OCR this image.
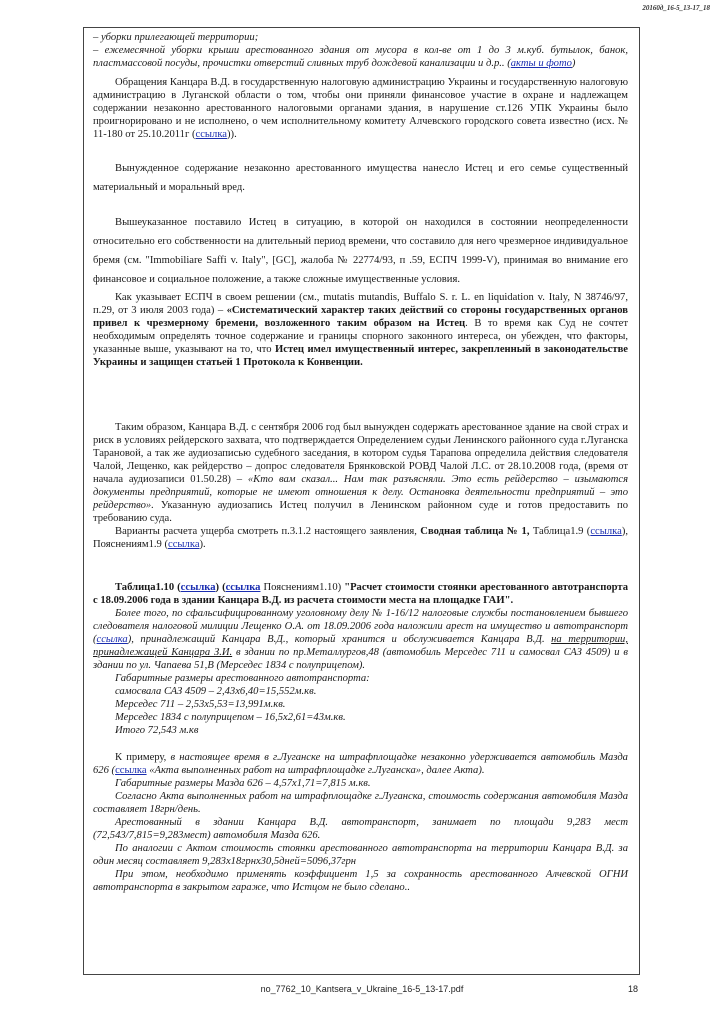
20160д_16-5_13-17_18

– уборки прилегающей территории;

– ежемесячной уборки крыши арестованного здания от мусора в кол-ве от 1 до 3 м.куб. бутылок, банок, пластмассовой посуды, прочистки отверстий сливных труб дождевой канализации и д.р.. (акты и фото)

Обращения Канцара В.Д. в государственную налоговую администрацию Украины и государственную налоговую администрацию в Луганской области о том, чтобы они приняли финансовое участие в охране и надлежащем содержании незаконно арестованного налоговыми органами здания, в нарушение ст.126 УПК Украины было проигнорировано и не исполнено, о чем исполнительному комитету Алчевского городского совета известно (исх. № 11-180 от 25.10.2011г (ссылка)).

Вынужденное содержание незаконно арестованного имущества нанесло Истец и его семье существенный материальный и моральный вред.

Вышеуказанное поставило Истец в ситуацию, в которой он находился в состоянии неопределенности относительно его собственности на длительный период времени, что составило для него чрезмерное индивидуальное бремя (см. "Immobiliare Saffi v. Italy", [GC], жалоба № 22774/93, п .59, ЕСПЧ 1999-V), принимая во внимание его финансовое и социальное положение, а также сложные имущественные условия.

Как указывает ЕСПЧ в своем решении (см., mutatis mutandis, Buffalo S. r. L. en liquidation v. Italy, N 38746/97, п.29, от 3 июля 2003 года) – «Систематический характер таких действий со стороны государственных органов привел к чрезмерному бремени, возложенного таким образом на Истец. В то время как Суд не сочтет необходимым определять точное содержание и границы спорного законного интереса, он убежден, что факторы, указанные выше, указывают на то, что Истец имел имущественный интерес, закрепленный в законодательстве Украины и защищен статьей 1 Протокола к Конвенции.

Таким образом, Канцара В.Д. с сентября 2006 год был вынужден содержать арестованное здание на свой страх и риск в условиях рейдерского захвата, что подтверждается Определением судьи Ленинского районного суда г.Луганска Тарановой, а так же аудиозаписью судебного заседания, в котором судья Тарапова определила действия следователя Чалой, Лещенко, как рейдерство – допрос следователя Брянковской РОВД Чалой Л.С. от 28.10.2008 года, (время от начала аудиозаписи 01.50.28) – «Кто вам сказал... Нам так разъясняли. Это есть рейдерство – изымаются документы предприятий, которые не имеют отношения к делу. Остановка деятельности предприятий – это рейдерство». Указанную аудиозапись Истец получил в Ленинском районном суде и готов предоставить по требованию суда.

Варианты расчета ущерба смотреть п.3.1.2 настоящего заявления, Сводная таблица № 1, Таблица1.9 (ссылка), Пояснениям1.9 (ссылка).

Таблица1.10 (ссылка) (ссылка Пояснениям1.10) "Расчет стоимости стоянки арестованного автотранспорта с 18.09.2006 года в здании Канцара В.Д. из расчета стоимости места на площадке ГАИ".

Более того, по сфальсифицированному уголовному делу № 1-16/12 налоговые службы постановлением бывшего следователя налоговой милиции Лещенко О.А. от 18.09.2006 года наложили арест на имущество и автотранспорт (ссылка), принадлежащий Канцара В.Д., который хранится и обслуживается Канцара В.Д. на территории, принадлежащей Канцара З.И. в здании по пр.Металлургов,48 (автомобиль Мерседес 711 и самосвал САЗ 4509) и в здании по ул. Чапаева 51,В (Мерседес 1834 с полуприцепом).

Габаритные размеры арестованного автотранспорта:

самосвала САЗ 4509 – 2,43х6,40=15,552м.кв.

Мерседес 711 – 2,53х5,53=13,991м.кв.

Мерседес 1834 с полуприцепом – 16,5х2,61=43м.кв.

Итого 72,543 м.кв

К примеру, в настоящее время в г.Луганске на штрафплощадке незаконно удерживается автомобиль Мазда 626 (ссылка «Акта выполненных работ на штрафплощадке г.Луганска», далее Акта).

Габаритные размеры Мазда 626 – 4,57х1,71=7,815 м.кв.

Согласно Акта выполненных работ на штрафплощадке г.Луганска, стоимость содержания автомобиля Мазда составляет 18грн/день.

Арестованный в здании Канцара В.Д. автотранспорт, занимает по площади 9,283 мест (72,543/7,815=9,283мест) автомобиля Мазда 626.

По аналогии с Актом стоимость стоянки арестованного автотранспорта на территории Канцара В.Д. за один месяц составляет 9,283х18грнх30,5дней=5096,37грн

При этом, необходимо применять коэффициент 1,5 за сохранность арестованного Алчевской ОГНИ автотранспорта в закрытом гараже, что Истцом не было сделано..

no_7762_10_Kantsera_v_Ukraine_16-5_13-17.pdf	18
